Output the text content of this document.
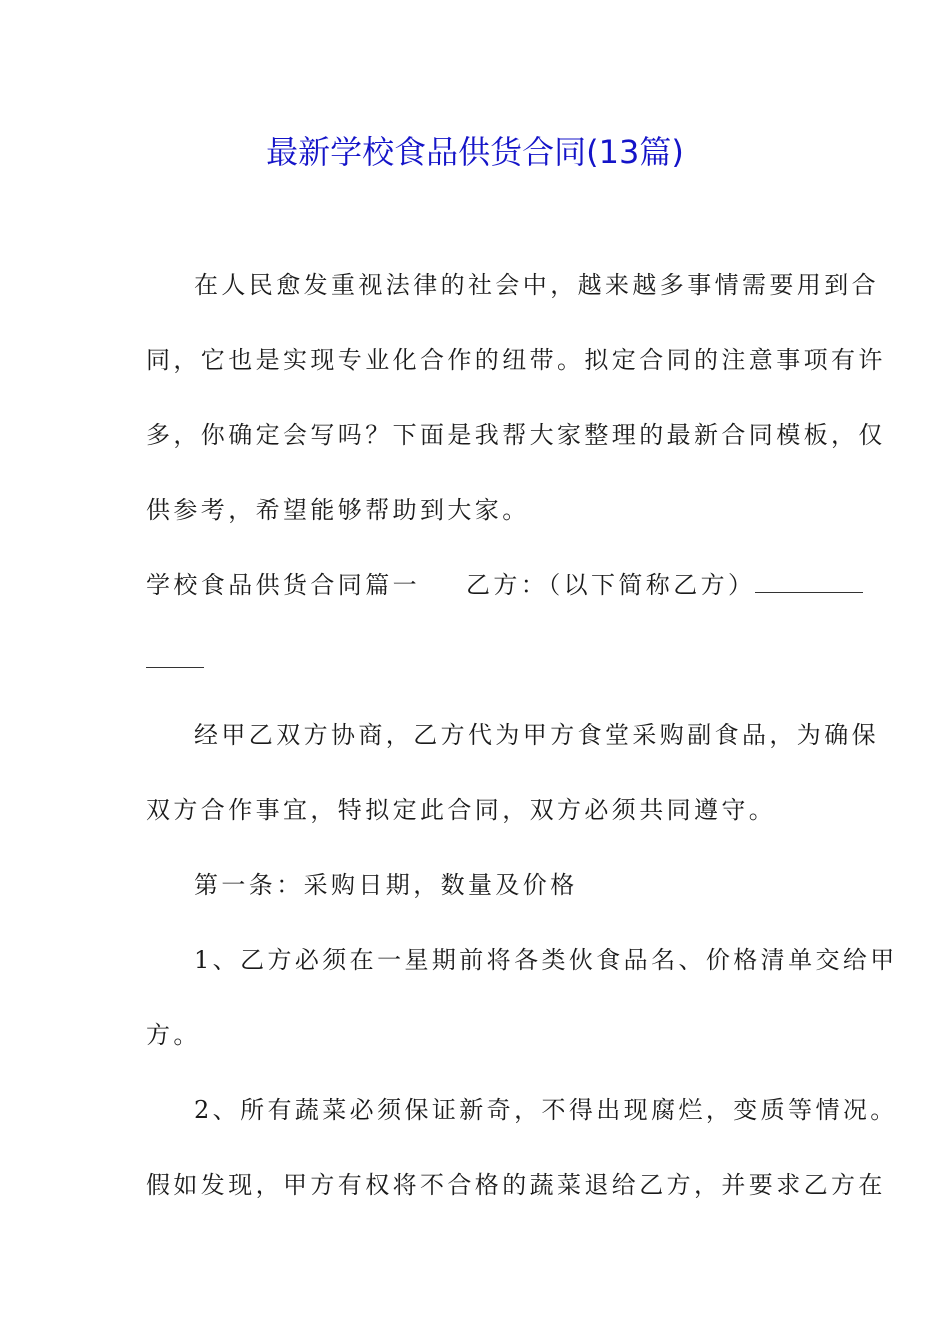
最新学校食品供货合同(13篇)
在人民愈发重视法律的社会中，越来越多事情需要用到合
同，它也是实现专业化合作的纽带。拟定合同的注意事项有许
多，你确定会写吗？下面是我帮大家整理的最新合同模板，仅
供参考，希望能够帮助到大家。
学校食品供货合同篇一 乙方：（以下简称乙方）
经甲乙双方协商，乙方代为甲方食堂采购副食品，为确保
双方合作事宜，特拟定此合同，双方必须共同遵守。
第一条：采购日期，数量及价格
1、乙方必须在一星期前将各类伙食品名、价格清单交给甲
方。
2、所有蔬菜必须保证新奇，不得出现腐烂，变质等情况。
假如发现，甲方有权将不合格的蔬菜退给乙方，并要求乙方在
